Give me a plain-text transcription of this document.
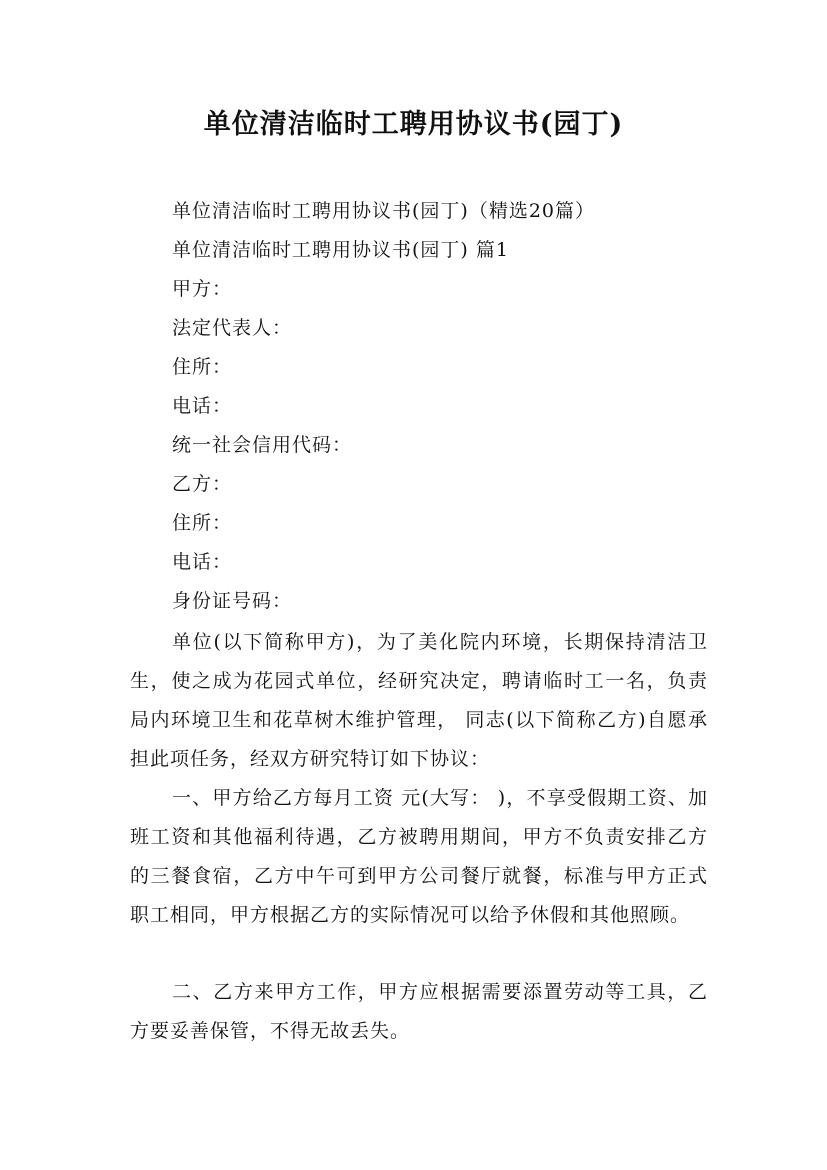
单位清洁临时工聘用协议书(园丁)
单位清洁临时工聘用协议书(园丁)（精选20篇）
单位清洁临时工聘用协议书(园丁) 篇1
甲方：
法定代表人：
住所：
电话：
统一社会信用代码：
乙方：
住所：
电话：
身份证号码：
单位(以下简称甲方)，为了美化院内环境，长期保持清洁卫生，使之成为花园式单位，经研究决定，聘请临时工一名，负责局内环境卫生和花草树木维护管理， 同志(以下简称乙方)自愿承担此项任务，经双方研究特订如下协议：
一、甲方给乙方每月工资 元(大写： )，不享受假期工资、加班工资和其他福利待遇，乙方被聘用期间，甲方不负责安排乙方的三餐食宿，乙方中午可到甲方公司餐厅就餐，标准与甲方正式职工相同，甲方根据乙方的实际情况可以给予休假和其他照顾。
二、乙方来甲方工作，甲方应根据需要添置劳动等工具，乙方要妥善保管，不得无故丢失。
